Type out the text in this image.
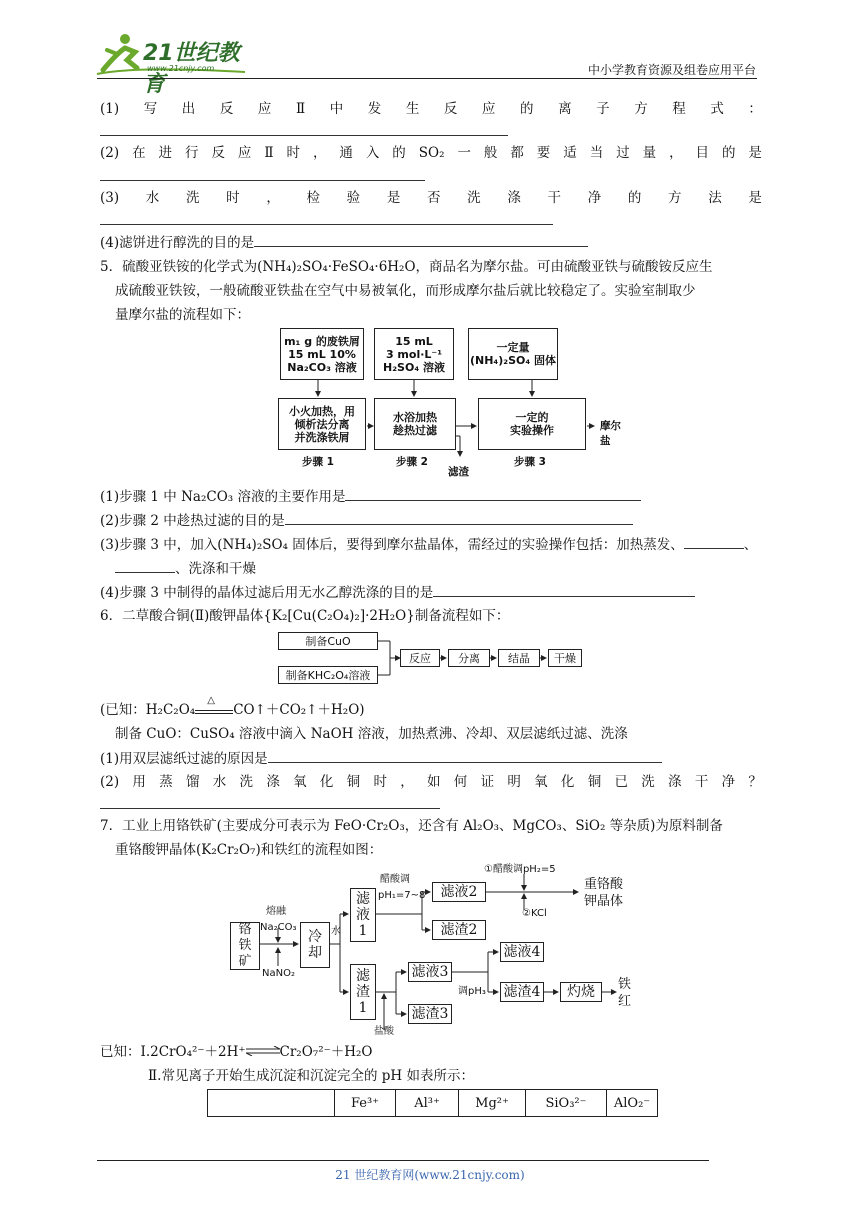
21世纪教育
www.21cnjy.com	中小学教育资源及组卷应用平台
(1) 写 出 反 应 Ⅱ 中 发 生 反 应 的 离 子 方 程 式 ：
(2) 在 进 行 反 应 Ⅱ 时 ， 通 入 的 SO₂ 一 般 都 要 适 当 过 量 ， 目 的 是
(3) 水 洗 时 ， 检 验 是 否 洗 涤 干 净 的 方 法 是
(4)滤饼进行醇洗的目的是
5．硫酸亚铁铵的化学式为(NH₄)₂SO₄·FeSO₄·6H₂O，商品名为摩尔盐。可由硫酸亚铁与硫酸铵反应生
成硫酸亚铁铵，一般硫酸亚铁盐在空气中易被氧化，而形成摩尔盐后就比较稳定了。实验室制取少
量摩尔盐的流程如下：
m₁ g 的废铁屑
15 mL 10%
Na₂CO₃ 溶液
15 mL
3 mol·L⁻¹
H₂SO₄ 溶液
一定量
(NH₄)₂SO₄ 固体
小火加热，用
倾析法分离
并洗涤铁屑
水浴加热
趁热过滤
一定的
实验操作	摩尔盐
滤渣
步骤 1	步骤 2	步骤 3
(1)步骤 1 中 Na₂CO₃ 溶液的主要作用是
(2)步骤 2 中趁热过滤的目的是
(3)步骤 3 中，加入(NH₄)₂SO₄ 固体后，要得到摩尔盐晶体，需经过的实验操作包括：加热蒸发、	、
、洗涤和干燥
(4)步骤 3 中制得的晶体过滤后用无水乙醇洗涤的目的是
6．二草酸合铜(Ⅱ)酸钾晶体{K₂[Cu(C₂O₄)₂]·2H₂O}制备流程如下：
制备CuO
制备KHC₂O₄溶液
反应	分离	结晶	干燥
(已知：H₂C₂O₄
△
CO↑＋CO₂↑＋H₂O)
制备 CuO：CuSO₄ 溶液中滴入 NaOH 溶液，加热煮沸、冷却、双层滤纸过滤、洗涤
(1)用双层滤纸过滤的原因是
(2) 用 蒸 馏 水 洗 涤 氧 化 铜 时 ， 如 何 证 明 氧 化 铜 已 洗 涤 干 净 ？
7．工业上用铬铁矿(主要成分可表示为 FeO·Cr₂O₃，还含有 Al₂O₃、MgCO₃、SiO₂ 等杂质)为原料制备
重铬酸钾晶体(K₂Cr₂O₇)和铁红的流程如图：
铬
铁
矿
熔融
Na₂CO₃
NaNO₂
冷
却
水
滤
液
1
滤
渣
1
醋酸调
pH₁=7~8	滤液2
滤渣2
①醋酸调pH₂=5
②KCl
重铬酸
钾晶体
滤液3
滤渣3
盐酸
调pH₃
滤液4
滤渣4	灼烧	铁
红
已知：Ⅰ.2CrO₄²⁻＋2H⁺⇌Cr₂O₇²⁻＋H₂O
Ⅱ.常见离子开始生成沉淀和沉淀完全的 pH 如表所示：
	Fe³⁺	Al³⁺	Mg²⁺	SiO₃²⁻	AlO₂⁻
21 世纪教育网(www.21cnjy.com)
